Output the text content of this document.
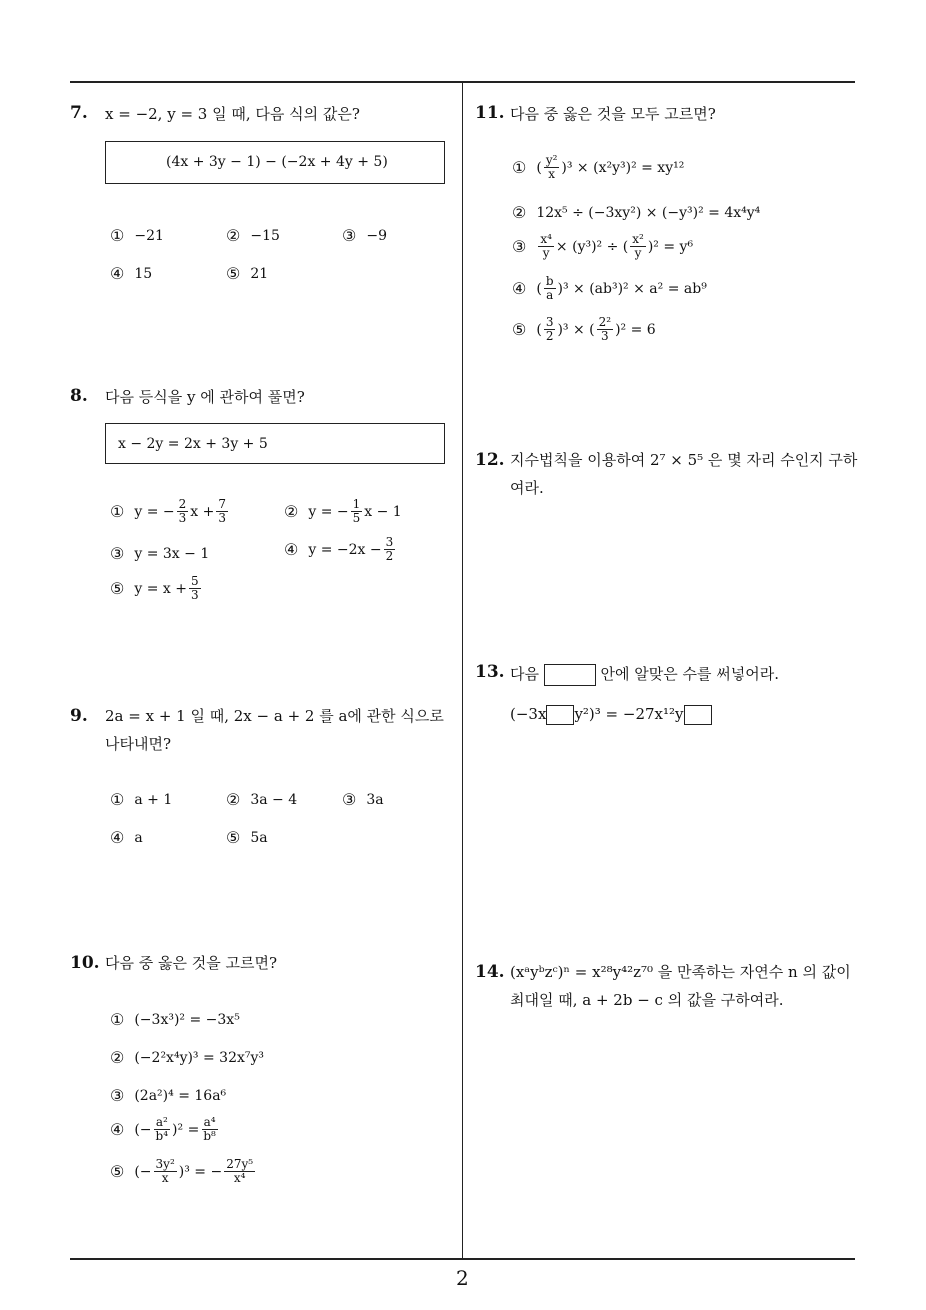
7. x = −2, y = 3 일 때, 다음 식의 값은?
(4x + 3y − 1) − (−2x + 4y + 5)
① −21	② −15	③ −9
④ 15	⑤ 21
8. 다음 등식을 y 에 관하여 풀면?
x − 2y = 2x + 3y + 5
① y = − $\frac{2}{3}$ $x + \frac{7}{3}$	② y = − $\frac{1}{5}$ x − 1
③ y = 3x − 1	④ $y = -2x - \frac{3}{2}$
⑤ $y = x + \frac{5}{3}$
9. 2a = x + 1 일 때, 2x − a + 2 를 a에 관한 식으로 나타내면?
① a + 1	② 3a − 4	③ 3a
④ a	⑤ 5a
10. 다음 중 옳은 것을 고르면?
① (−3x³)² = −3x⁵
② (−2²x⁴y)³ = 32x⁷y³
③ (2a²)⁴ = 16a⁶
④ (− $\frac{\text{a²}}{\text{b⁴}} )^2 = \frac{\text{a⁴}}{\text{b⁸}}$
⑤ (− $\frac{\text{3y²}}{x} )^3$ = − $\frac{\text{27y⁵}}{\text{x⁴}}$
11. 다음 중 옳은 것을 모두 고르면?
① ( $\frac{\text{y²}}{x} )^3 \times (x^2y^3)^2 = xy^{12}$
② 12x⁵ ÷ (−3xy²) × (−y³)² = 4x⁴y⁴
③ $\frac{\text{x⁴}}{y} \times (y^3)^2$ ÷ ( $\frac{\text{x²}}{y} )^2 = y^6$
④ ( $\frac{b}{a} )^3 \times (ab^3)^2 \times a^2 = ab^9$
⑤ ( $\frac{3}{2} )^3$ × ( $\frac{\text{2²}}{3} )^2 = 6$
12. 지수법칙을 이용하여 2⁷ × 5⁵ 은 몇 자리 수인지 구하여라.
13. 다음	안에 알맞은 수를 써넣어라.
(−3x y²)³ = −27x¹²y
14. (xᵃyᵇzᶜ)ⁿ = x²⁸y⁴²z⁷⁰ 을 만족하는 자연수 n 의 값이 최대일 때, a + 2b − c 의 값을 구하여라.
2
